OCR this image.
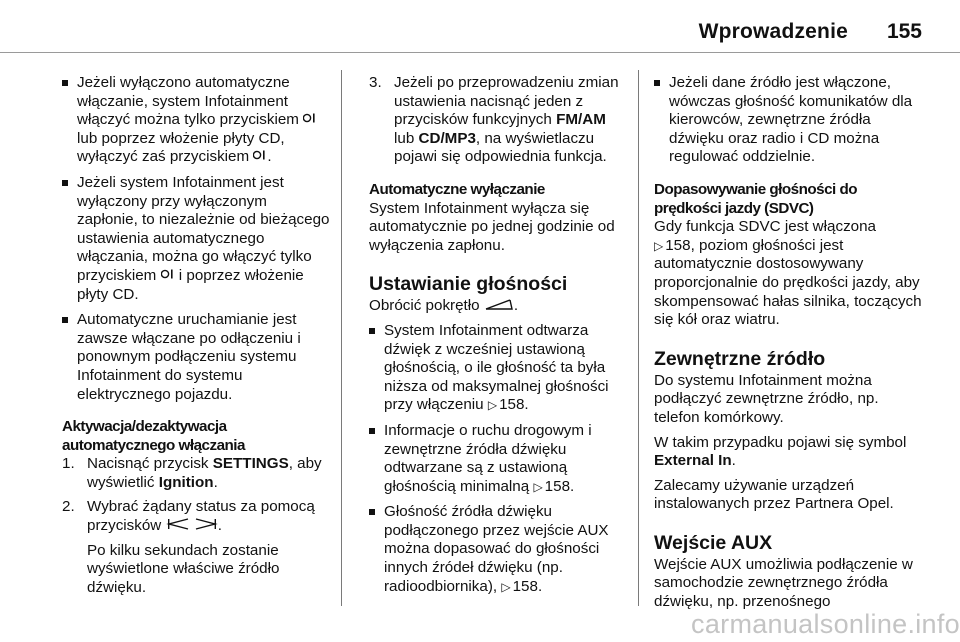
Wprowadzenie 155

Jeżeli wyłączono automatyczne włączanie, system Infotainment włączyć można tylko przyciskiem  lub poprzez włożenie płyty CD, wyłączyć zaś przyciskiem .

Jeżeli system Infotainment jest wyłączony przy wyłączonym zapłonie, to niezależnie od bieżącego ustawienia automatycznego włączania, można go włączyć tylko przyciskiem i poprzez włożenie płyty CD.

Automatyczne uruchamianie jest zawsze włączane po odłączeniu i ponownym podłączeniu systemu Infotainment do systemu elektrycznego pojazdu.

Aktywacja/dezaktywacja automatycznego włączania

1. Nacisnąć przycisk SETTINGS, aby wyświetlić Ignition.

2. Wybrać żądany status za pomocą przycisków	.

Po kilku sekundach zostanie wyświetlone właściwe źródło dźwięku.

3. Jeżeli po przeprowadzeniu zmian ustawienia nacisnąć jeden z przycisków funkcyjnych FM/AM lub CD/MP3, na wyświetlaczu pojawi się odpowiednia funkcja.

Automatyczne wyłączanie

System Infotainment wyłącza się automatycznie po jednej godzinie od wyłączenia zapłonu.

Ustawianie głośności

Obrócić pokrętło .

System Infotainment odtwarza dźwięk z wcześniej ustawioną głośnością, o ile głośność ta była niższa od maksymalnej głośności przy włączeniu ▷ 158.

Informacje o ruchu drogowym i zewnętrzne źródła dźwięku odtwarzane są z ustawioną głośnością minimalną ▷ 158.

Głośność źródła dźwięku podłączonego przez wejście AUX można dopasować do głośności innych źródeł dźwięku (np. radioodbiornika), ▷ 158.

Jeżeli dane źródło jest włączone, wówczas głośność komunikatów dla kierowców, zewnętrzne źródła dźwięku oraz radio i CD można regulować oddzielnie.

Dopasowywanie głośności do prędkości jazdy (SDVC)

Gdy funkcja SDVC jest włączona
▷ 158, poziom głośności jest automatycznie dostosowywany proporcjonalnie do prędkości jazdy, aby skompensować hałas silnika, toczących się kół oraz wiatru.

Zewnętrzne źródło

Do systemu Infotainment można podłączyć zewnętrzne źródło, np. telefon komórkowy.

W takim przypadku pojawi się symbol External In.

Zalecamy używanie urządzeń instalowanych przez Partnera Opel.

Wejście AUX

Wejście AUX umożliwia podłączenie w samochodzie zewnętrznego źródła dźwięku, np. przenośnego

carmanualsonline.info
